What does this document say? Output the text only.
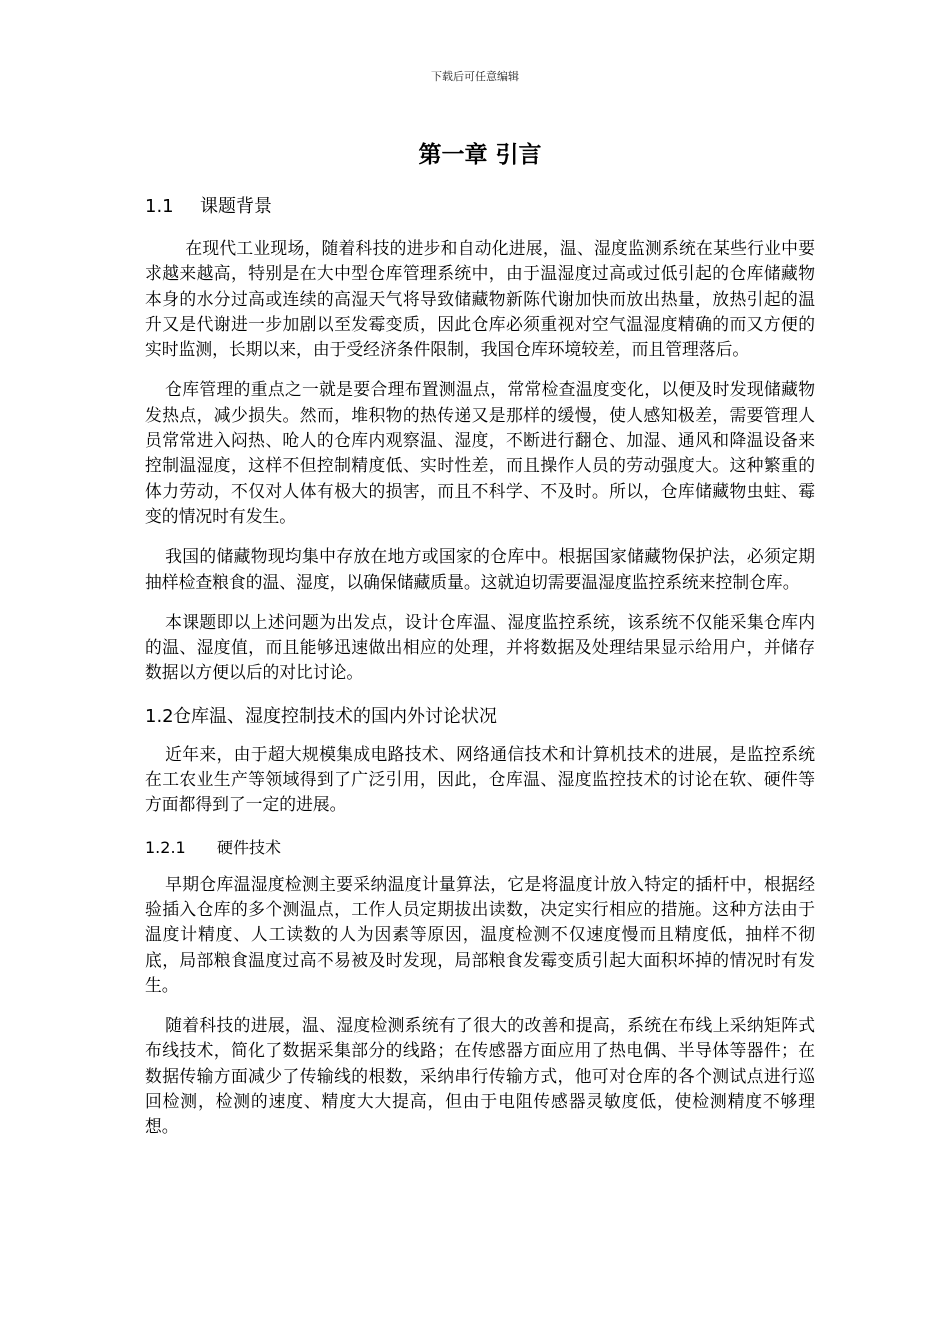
下载后可任意编辑
第一章 引言
1.1 课题背景

在现代工业现场，随着科技的进步和自动化进展，温、湿度监测系统在某些行业中要求越来越高，特别是在大中型仓库管理系统中，由于温湿度过高或过低引起的仓库储藏物本身的水分过高或连续的高湿天气将导致储藏物新陈代谢加快而放出热量，放热引起的温升又是代谢进一步加剧以至发霉变质，因此仓库必须重视对空气温湿度精确的而又方便的实时监测，长期以来，由于受经济条件限制，我国仓库环境较差，而且管理落后。

仓库管理的重点之一就是要合理布置测温点，常常检查温度变化，以便及时发现储藏物发热点，减少损失。然而，堆积物的热传递又是那样的缓慢，使人感知极差，需要管理人员常常进入闷热、呛人的仓库内观察温、湿度，不断进行翻仓、加湿、通风和降温设备来控制温湿度，这样不但控制精度低、实时性差，而且操作人员的劳动强度大。这种繁重的体力劳动，不仅对人体有极大的损害，而且不科学、不及时。所以，仓库储藏物虫蛀、霉变的情况时有发生。

我国的储藏物现均集中存放在地方或国家的仓库中。根据国家储藏物保护法，必须定期抽样检查粮食的温、湿度，以确保储藏质量。这就迫切需要温湿度监控系统来控制仓库。

本课题即以上述问题为出发点，设计仓库温、湿度监控系统，该系统不仅能采集仓库内的温、湿度值，而且能够迅速做出相应的处理，并将数据及处理结果显示给用户，并储存数据以方便以后的对比讨论。

1.2仓库温、湿度控制技术的国内外讨论状况

近年来，由于超大规模集成电路技术、网络通信技术和计算机技术的进展，是监控系统在工农业生产等领域得到了广泛引用，因此，仓库温、湿度监控技术的讨论在软、硬件等方面都得到了一定的进展。

1.2.1 硬件技术

早期仓库温湿度检测主要采纳温度计量算法，它是将温度计放入特定的插杆中，根据经验插入仓库的多个测温点，工作人员定期拔出读数，决定实行相应的措施。这种方法由于温度计精度、人工读数的人为因素等原因，温度检测不仅速度慢而且精度低，抽样不彻底，局部粮食温度过高不易被及时发现，局部粮食发霉变质引起大面积坏掉的情况时有发生。

随着科技的进展，温、湿度检测系统有了很大的改善和提高，系统在布线上采纳矩阵式布线技术，简化了数据采集部分的线路；在传感器方面应用了热电偶、半导体等器件；在数据传输方面减少了传输线的根数，采纳串行传输方式，他可对仓库的各个测试点进行巡回检测，检测的速度、精度大大提高，但由于电阻传感器灵敏度低，使检测精度不够理想。
